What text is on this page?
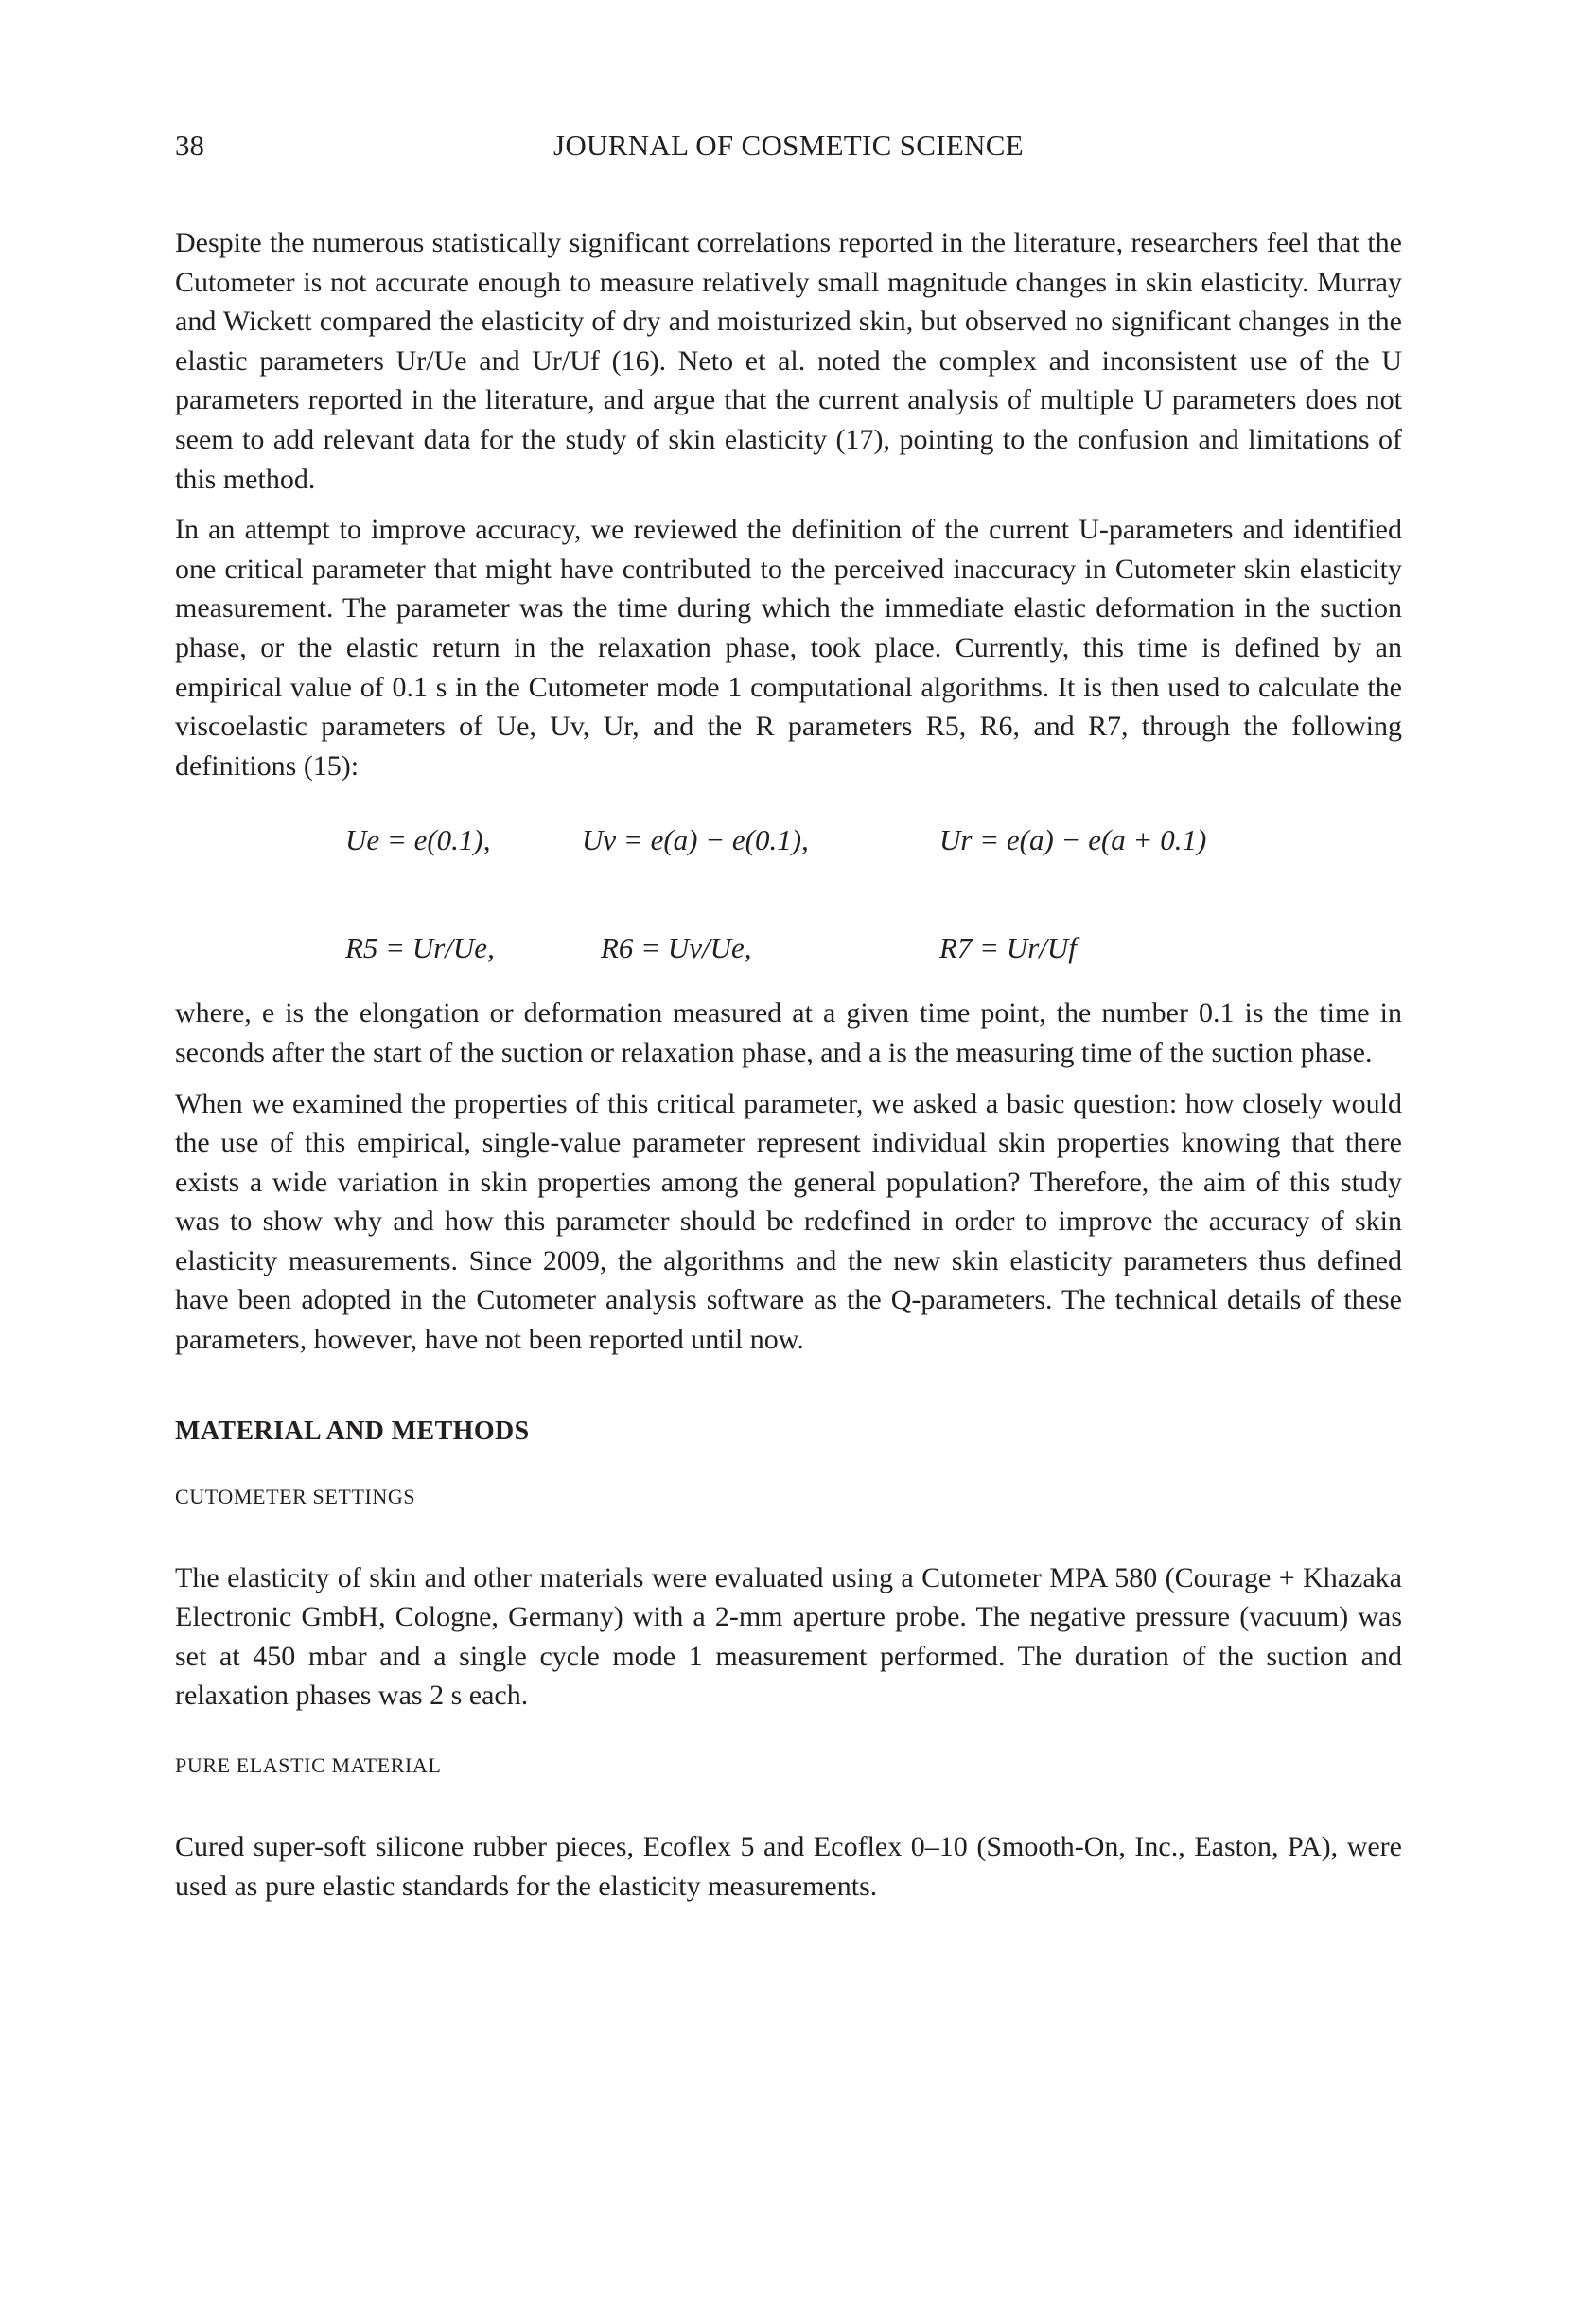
38	JOURNAL OF COSMETIC SCIENCE

Despite the numerous statistically significant correlations reported in the literature, researchers feel that the Cutometer is not accurate enough to measure relatively small magnitude changes in skin elasticity. Murray and Wickett compared the elasticity of dry and moisturized skin, but observed no significant changes in the elastic parameters Ur/Ue and Ur/Uf (16). Neto et al. noted the complex and inconsistent use of the U parameters reported in the literature, and argue that the current analysis of multiple U parameters does not seem to add relevant data for the study of skin elasticity (17), pointing to the confusion and limitations of this method.

In an attempt to improve accuracy, we reviewed the definition of the current U-parameters and identified one critical parameter that might have contributed to the perceived inaccuracy in Cutometer skin elasticity measurement. The parameter was the time during which the immediate elastic deformation in the suction phase, or the elastic return in the relaxation phase, took place. Currently, this time is defined by an empirical value of 0.1 s in the Cutometer mode 1 computational algorithms. It is then used to calculate the viscoelastic parameters of Ue, Uv, Ur, and the R parameters R5, R6, and R7, through the following definitions (15):

Ue = e(0.1),	Uv = e(a) − e(0.1),	Ur = e(a) − e(a + 0.1)
R5 = Ur/Ue,	R6 = Uv/Ue,	R7 = Ur/Uf

where, e is the elongation or deformation measured at a given time point, the number 0.1 is the time in seconds after the start of the suction or relaxation phase, and a is the measuring time of the suction phase.

When we examined the properties of this critical parameter, we asked a basic question: how closely would the use of this empirical, single-value parameter represent individual skin properties knowing that there exists a wide variation in skin properties among the general population? Therefore, the aim of this study was to show why and how this parameter should be redefined in order to improve the accuracy of skin elasticity measurements. Since 2009, the algorithms and the new skin elasticity parameters thus defined have been adopted in the Cutometer analysis software as the Q-parameters. The technical details of these parameters, however, have not been reported until now.

MATERIAL AND METHODS
CUTOMETER SETTINGS

The elasticity of skin and other materials were evaluated using a Cutometer MPA 580 (Courage + Khazaka Electronic GmbH, Cologne, Germany) with a 2-mm aperture probe. The negative pressure (vacuum) was set at 450 mbar and a single cycle mode 1 measurement performed. The duration of the suction and relaxation phases was 2 s each.

PURE ELASTIC MATERIAL

Cured super-soft silicone rubber pieces, Ecoflex 5 and Ecoflex 0–10 (Smooth-On, Inc., Easton, PA), were used as pure elastic standards for the elasticity measurements.
